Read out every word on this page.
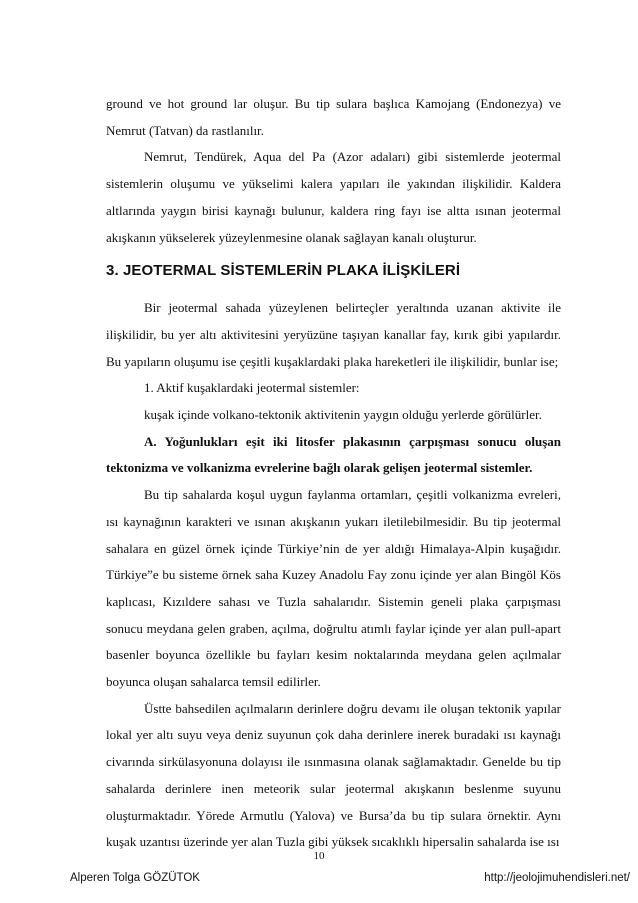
ground ve hot ground lar oluşur. Bu tip sulara başlıca Kamojang (Endonezya) ve Nemrut (Tatvan) da rastlanılır.

Nemrut, Tendürek, Aqua del Pa (Azor adaları) gibi sistemlerde jeotermal sistemlerin oluşumu ve yükselimi kalera yapıları ile yakından ilişkilidir. Kaldera altlarında yaygın birisi kaynağı bulunur, kaldera ring fayı ise altta ısınan jeotermal akışkanın yükselerek yüzeylenmesine olanak sağlayan kanalı oluşturur.

3. JEOTERMAL SİSTEMLERİN PLAKA İLİŞKİLERİ

Bir jeotermal sahada yüzeylenen belirteçler yeraltında uzanan aktivite ile ilişkilidir, bu yer altı aktivitesini yeryüzüne taşıyan kanallar fay, kırık gibi yapılardır. Bu yapıların oluşumu ise çeşitli kuşaklardaki plaka hareketleri ile ilişkilidir, bunlar ise;

1. Aktif kuşaklardaki jeotermal sistemler:

kuşak içinde volkano-tektonik aktivitenin yaygın olduğu yerlerde görülürler.

A. Yoğunlukları eşit iki litosfer plakasının çarpışması sonucu oluşan tektonizma ve volkanizma evrelerine bağlı olarak gelişen jeotermal sistemler.

Bu tip sahalarda koşul uygun faylanma ortamları, çeşitli volkanizma evreleri, ısı kaynağının karakteri ve ısınan akışkanın yukarı iletilebilmesidir. Bu tip jeotermal sahalara en güzel örnek içinde Türkiye’nin de yer aldığı Himalaya-Alpin kuşağıdır. Türkiye”e bu sisteme örnek saha Kuzey Anadolu Fay zonu içinde yer alan Bingöl Kös kaplıcası, Kızıldere sahası ve Tuzla sahalarıdır. Sistemin geneli plaka çarpışması sonucu meydana gelen graben, açılma, doğrultu atımlı faylar içinde yer alan pull-apart basenler boyunca özellikle bu fayları kesim noktalarında meydana gelen açılmalar boyunca oluşan sahalarca temsil edilirler.

Üstte bahsedilen açılmaların derinlere doğru devamı ile oluşan tektonik yapılar lokal yer altı suyu veya deniz suyunun çok daha derinlere inerek buradaki ısı kaynağı civarında sirkülasyonuna dolayısı ile ısınmasına olanak sağlamaktadır. Genelde bu tip sahalarda derinlere inen meteorik sular jeotermal akışkanın beslenme suyunu oluşturmaktadır. Yörede Armutlu (Yalova) ve Bursa’da bu tip sulara örnektir. Aynı kuşak uzantısı üzerinde yer alan Tuzla gibi yüksek sıcaklıklı hipersalin sahalarda ise ısı

10
Alperen Tolga GÖZÜTOK	http://jeolojimuhendisleri.net/
